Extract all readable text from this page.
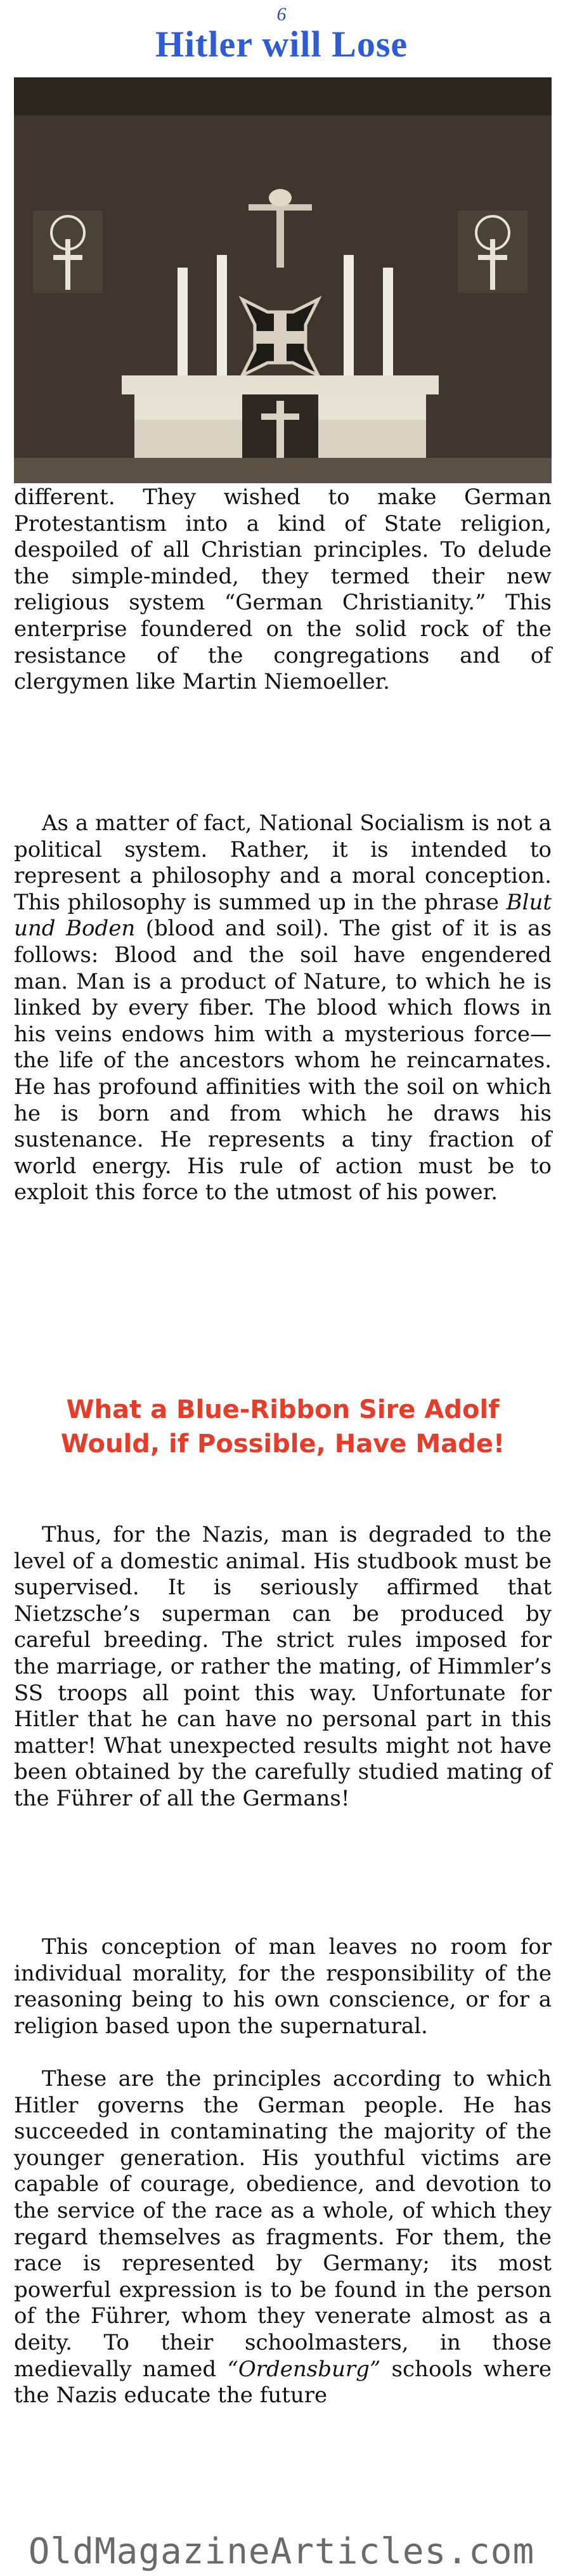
6
Hitler will Lose

different. They wished to make German Protestantism into a kind of State religion, despoiled of all Christian principles. To delude the simple-minded, they termed their new religious system “German Christianity.” This enterprise foundered on the solid rock of the resistance of the congregations and of clergymen like Martin Niemoeller.

As a matter of fact, National Socialism is not a political system. Rather, it is intended to represent a philosophy and a moral conception. This philosophy is summed up in the phrase Blut und Boden (blood and soil). The gist of it is as follows: Blood and the soil have engendered man. Man is a product of Nature, to which he is linked by every fiber. The blood which flows in his veins endows him with a mysterious force—the life of the ancestors whom he reincarnates. He has profound affinities with the soil on which he is born and from which he draws his sustenance. He represents a tiny fraction of world energy. His rule of action must be to exploit this force to the utmost of his power.

What a Blue-Ribbon Sire Adolf Would, if Possible, Have Made!

Thus, for the Nazis, man is degraded to the level of a domestic animal. His studbook must be supervised. It is seriously affirmed that Nietzsche’s superman can be produced by careful breeding. The strict rules imposed for the marriage, or rather the mating, of Himmler’s SS troops all point this way. Unfortunate for Hitler that he can have no personal part in this matter! What unexpected results might not have been obtained by the carefully studied mating of the Führer of all the Germans!

This conception of man leaves no room for individual morality, for the responsibility of the reasoning being to his own conscience, or for a religion based upon the supernatural.

These are the principles according to which Hitler governs the German people. He has succeeded in contaminating the majority of the younger generation. His youthful victims are capable of courage, obedience, and devotion to the service of the race as a whole, of which they regard themselves as fragments. For them, the race is represented by Germany; its most powerful expression is to be found in the person of the Führer, whom they venerate almost as a deity. To their schoolmasters, in those medievally named “Ordensburg” schools where the Nazis educate the future

OldMagazineArticles.com
